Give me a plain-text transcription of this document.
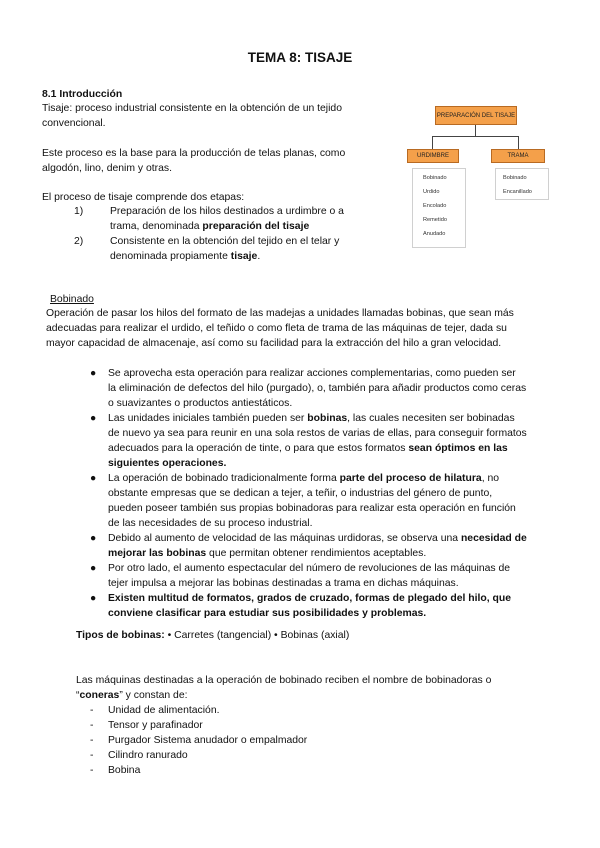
TEMA 8: TISAJE
8.1 Introducción
Tisaje: proceso industrial consistente en la obtención de un tejido
convencional.
Este proceso es la base para la producción de telas planas, como
algodón, lino, denim y otras.
El proceso de tisaje comprende dos etapas:
1)	Preparación de los hilos destinados a urdimbre o a
trama, denominada preparación del tisaje
2)	Consistente en la obtención del tejido en el telar y
denominada propiamente tisaje.
PREPARACIÓN DEL TISAJE
URDIMBRE	TRAMA
Bobinado
Urdido
Encolado
Remetido
Anudado
Bobinado
Encanillado
Bobinado
Operación de pasar los hilos del formato de las madejas a unidades llamadas bobinas, que sean más
adecuadas para realizar el urdido, el teñido o como fleta de trama de las máquinas de tejer, dada su
mayor capacidad de almacenaje, así como su facilidad para la extracción del hilo a gran velocidad.
● Se aprovecha esta operación para realizar acciones complementarias, como pueden ser
la eliminación de defectos del hilo (purgado), o, también para añadir productos como ceras
o suavizantes o productos antiestáticos.
● Las unidades iniciales también pueden ser bobinas, las cuales necesiten ser bobinadas
de nuevo ya sea para reunir en una sola restos de varias de ellas, para conseguir formatos
adecuados para la operación de tinte, o para que estos formatos sean óptimos en las
siguientes operaciones.
● La operación de bobinado tradicionalmente forma parte del proceso de hilatura, no
obstante empresas que se dedican a tejer, a teñir, o industrias del género de punto,
pueden poseer también sus propias bobinadoras para realizar esta operación en función
de las necesidades de su proceso industrial.
● Debido al aumento de velocidad de las máquinas urdidoras, se observa una necesidad de
mejorar las bobinas que permitan obtener rendimientos aceptables.
● Por otro lado, el aumento espectacular del número de revoluciones de las máquinas de
tejer impulsa a mejorar las bobinas destinadas a trama en dichas máquinas.
● Existen multitud de formatos, grados de cruzado, formas de plegado del hilo, que
conviene clasificar para estudiar sus posibilidades y problemas.
Tipos de bobinas: • Carretes (tangencial) • Bobinas (axial)
Las máquinas destinadas a la operación de bobinado reciben el nombre de bobinadoras o
“coneras” y constan de:
- Unidad de alimentación.
- Tensor y parafinador
- Purgador Sistema anudador o empalmador
- Cilindro ranurado
- Bobina
